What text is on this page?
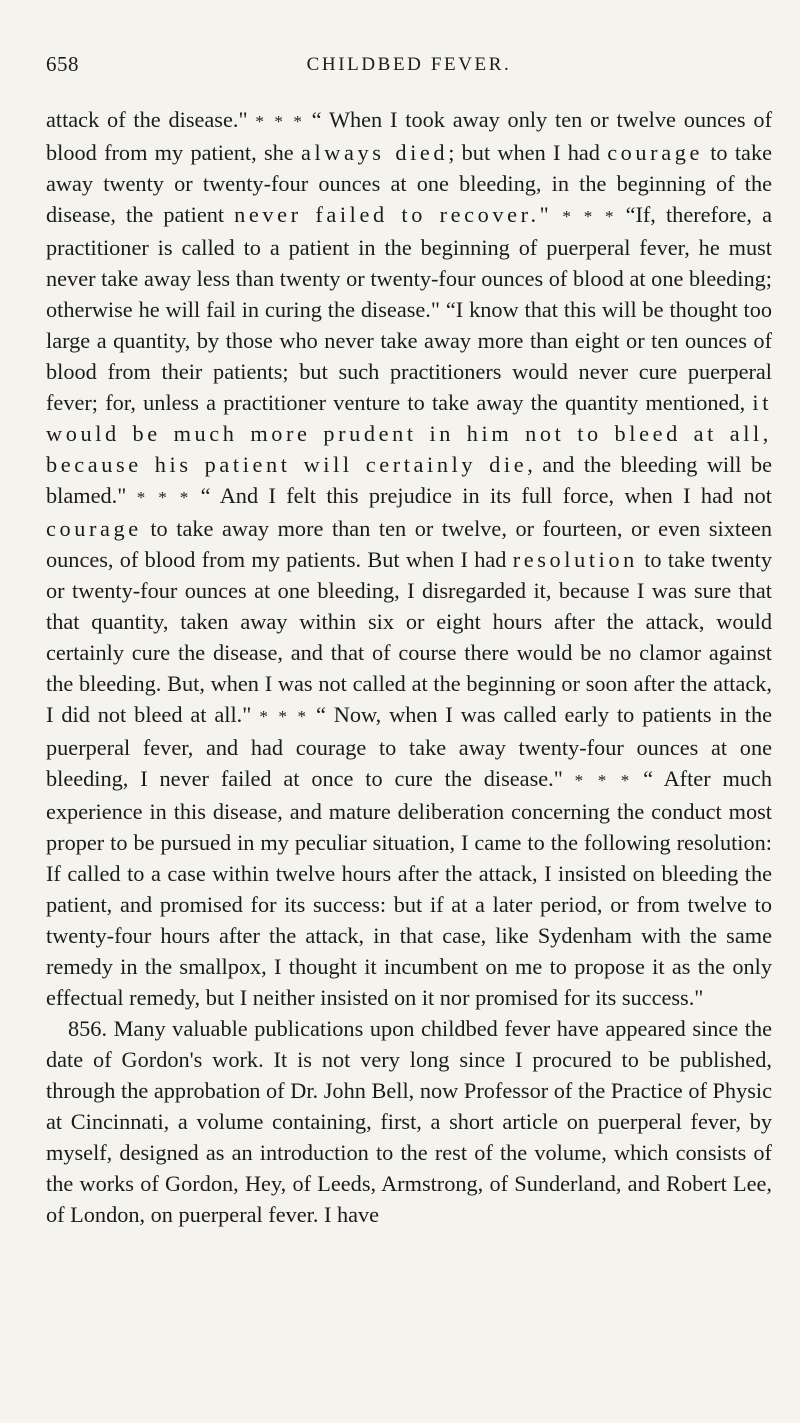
658	CHILDBED FEVER.

attack of the disease." * * * “ When I took away only ten or twelve ounces of blood from my patient, she always died; but when I had courage to take away twenty or twenty-four ounces at one bleeding, in the beginning of the disease, the patient never failed to recover." * * * “If, therefore, a practitioner is called to a patient in the beginning of puerperal fever, he must never take away less than twenty or twenty-four ounces of blood at one bleeding; otherwise he will fail in curing the disease." “I know that this will be thought too large a quantity, by those who never take away more than eight or ten ounces of blood from their patients; but such practitioners would never cure puerperal fever; for, unless a practitioner venture to take away the quantity mentioned, it would be much more prudent in him not to bleed at all, because his patient will certainly die, and the bleeding will be blamed." * * * “ And I felt this prejudice in its full force, when I had not courage to take away more than ten or twelve, or fourteen, or even sixteen ounces, of blood from my patients. But when I had resolution to take twenty or twenty-four ounces at one bleeding, I disregarded it, because I was sure that that quantity, taken away within six or eight hours after the attack, would certainly cure the disease, and that of course there would be no clamor against the bleeding. But, when I was not called at the beginning or soon after the attack, I did not bleed at all." * * * “ Now, when I was called early to patients in the puerperal fever, and had courage to take away twenty-four ounces at one bleeding, I never failed at once to cure the disease." * * * “ After much experience in this disease, and mature deliberation concerning the conduct most proper to be pursued in my peculiar situation, I came to the following resolution: If called to a case within twelve hours after the attack, I insisted on bleeding the patient, and promised for its success: but if at a later period, or from twelve to twenty-four hours after the attack, in that case, like Sydenham with the same remedy in the smallpox, I thought it incumbent on me to propose it as the only effectual remedy, but I neither insisted on it nor promised for its success."

856. Many valuable publications upon childbed fever have appeared since the date of Gordon's work. It is not very long since I procured to be published, through the approbation of Dr. John Bell, now Professor of the Practice of Physic at Cincinnati, a volume containing, first, a short article on puerperal fever, by myself, designed as an introduction to the rest of the volume, which consists of the works of Gordon, Hey, of Leeds, Armstrong, of Sunderland, and Robert Lee, of London, on puerperal fever. I have
